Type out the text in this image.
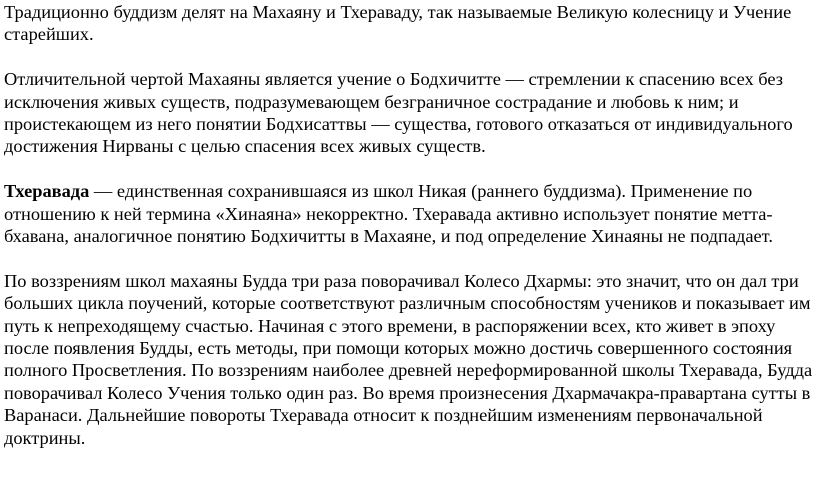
Традиционно буддизм делят на Махаяну и Тхераваду, так называемые Великую колесницу и Учение старейших.

Отличительной чертой Махаяны является учение о Бодхичитте — стремлении к спасению всех без исключения живых существ, подразумевающем безграничное сострадание и любовь к ним; и проистекающем из него понятии Бодхисаттвы — существа, готового отказаться от индивидуального достижения Нирваны с целью спасения всех живых существ.

Тхеравада — единственная сохранившаяся из школ Никая (раннего буддизма). Применение по отношению к ней термина «Хинаяна» некорректно. Тхеравада активно использует понятие метта-бхавана, аналогичное понятию Бодхичитты в Махаяне, и под определение Хинаяны не подпадает.

По воззрениям школ махаяны Будда три раза поворачивал Колесо Дхармы: это значит, что он дал три больших цикла поучений, которые соответствуют различным способностям учеников и показывает им путь к непреходящему счастью. Начиная с этого времени, в распоряжении всех, кто живет в эпоху после появления Будды, есть методы, при помощи которых можно достичь совершенного состояния полного Просветления. По воззрениям наиболее древней нереформированной школы Тхеравада, Будда поворачивал Колесо Учения только один раз. Во время произнесения Дхармачакра-правартана сутты в Варанаси. Дальнейшие повороты Тхеравада относит к позднейшим изменениям первоначальной доктрины.
